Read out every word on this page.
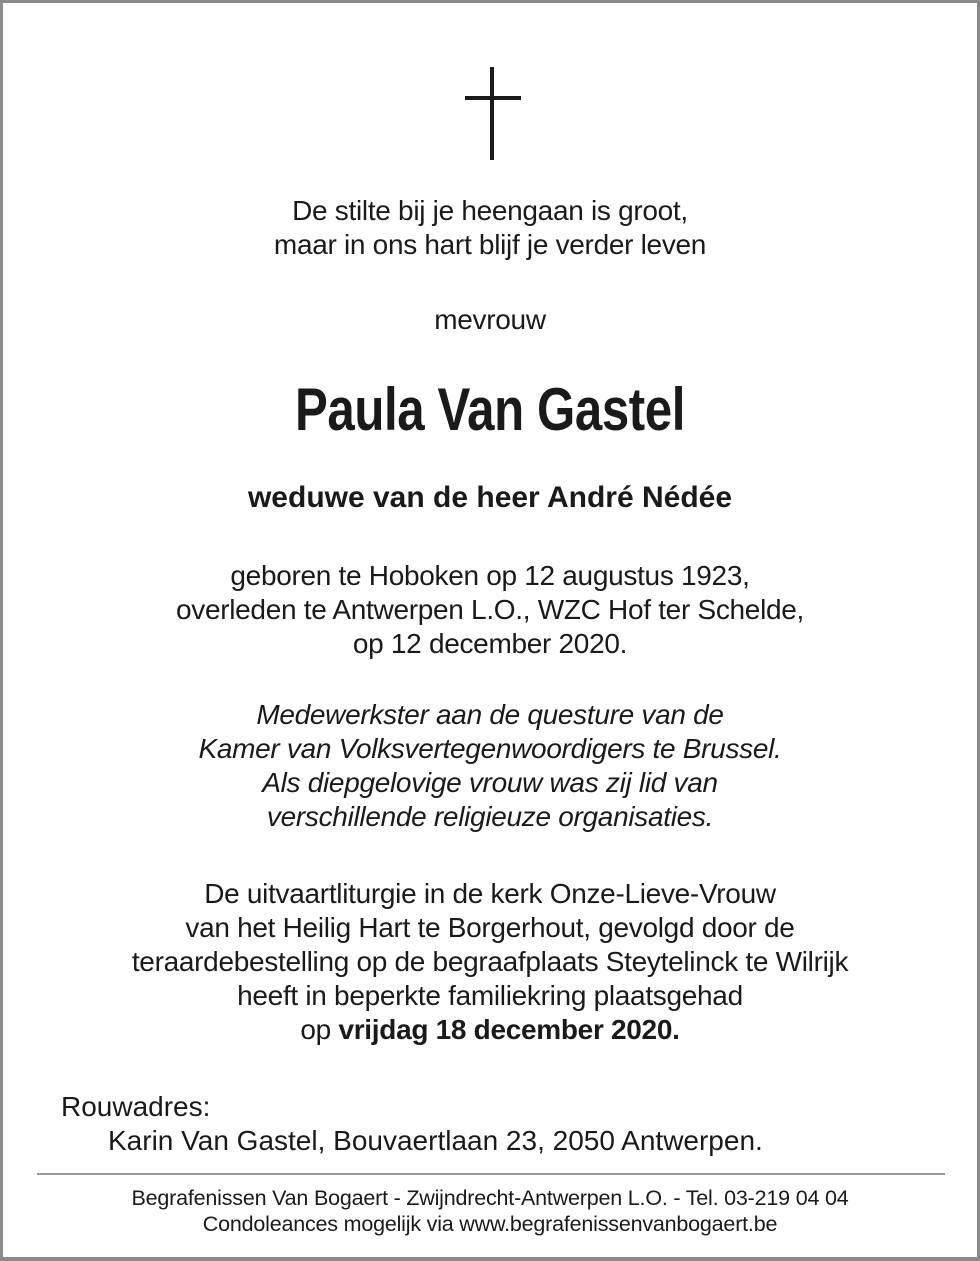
De stilte bij je heengaan is groot,
maar in ons hart blijf je verder leven
mevrouw
Paula Van Gastel
weduwe van de heer André Nédée
geboren te Hoboken op 12 augustus 1923,
overleden te Antwerpen L.O., WZC Hof ter Schelde,
op 12 december 2020.
Medewerkster aan de questure van de
Kamer van Volksvertegenwoordigers te Brussel.
Als diepgelovige vrouw was zij lid van
verschillende religieuze organisaties.
De uitvaartliturgie in de kerk Onze-Lieve-Vrouw
van het Heilig Hart te Borgerhout, gevolgd door de
teraardebestelling op de begraafplaats Steytelinck te Wilrijk
heeft in beperkte familiekring plaatsgehad
op vrijdag 18 december 2020.
Rouwadres:
Karin Van Gastel, Bouvaertlaan 23, 2050 Antwerpen.
Begrafenissen Van Bogaert - Zwijndrecht-Antwerpen L.O. - Tel. 03-219 04 04
Condoleances mogelijk via www.begrafenissenvanbogaert.be
